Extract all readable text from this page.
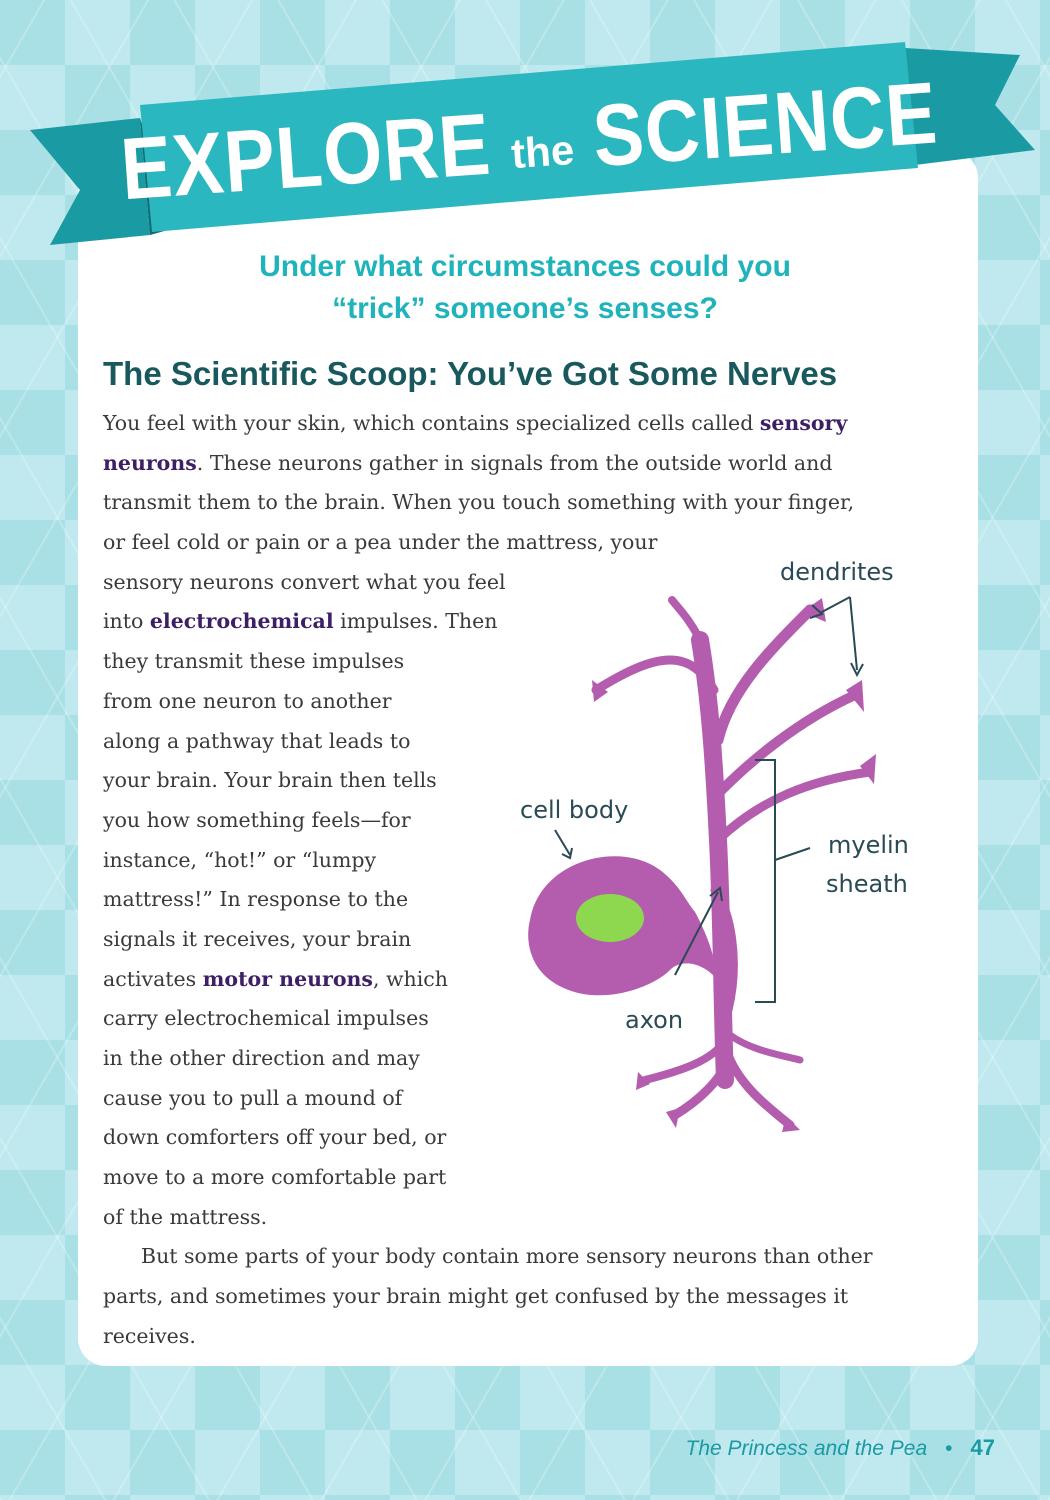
EXPLORE the SCIENCE
Under what circumstances could you
“trick” someone’s senses?
The Scientific Scoop: You’ve Got Some Nerves
You feel with your skin, which contains specialized cells called sensory
neurons. These neurons gather in signals from the outside world and
transmit them to the brain. When you touch something with your finger,
or feel cold or pain or a pea under the mattress, your
sensory neurons convert what you feel
into electrochemical impulses. Then
they transmit these impulses
from one neuron to another
along a pathway that leads to
your brain. Your brain then tells
you how something feels—for
instance, “hot!” or “lumpy
mattress!” In response to the
signals it receives, your brain
activates motor neurons, which
carry electrochemical impulses
in the other direction and may
cause you to pull a mound of
down comforters off your bed, or
move to a more comfortable part
of the mattress.
But some parts of your body contain more sensory neurons than other
parts, and sometimes your brain might get confused by the messages it
receives.
dendrites
cell body
myelin
sheath
axon
The Princess and the Pea • 47
